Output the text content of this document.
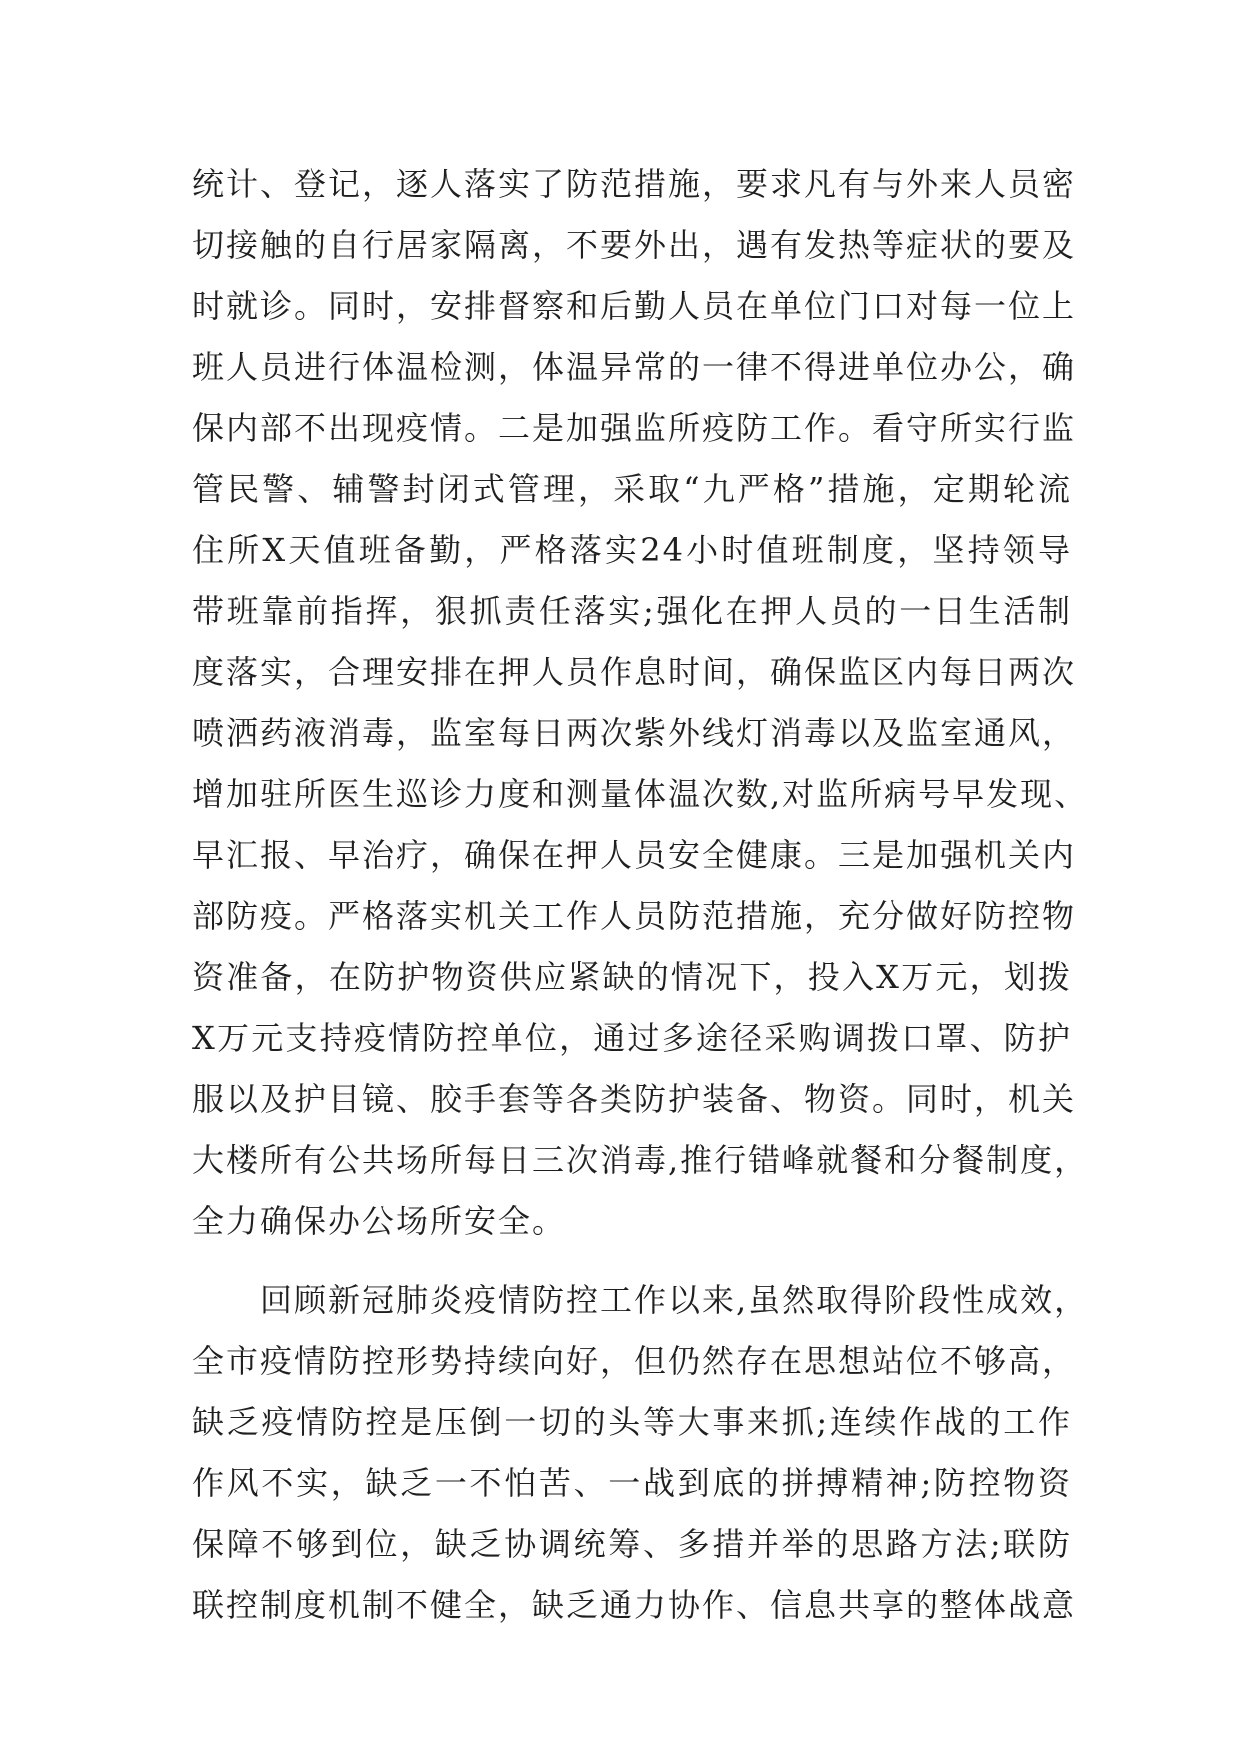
统计、登记，逐人落实了防范措施，要求凡有与外来人员密
切接触的自行居家隔离，不要外出，遇有发热等症状的要及
时就诊。同时，安排督察和后勤人员在单位门口对每一位上
班人员进行体温检测，体温异常的一律不得进单位办公，确
保内部不出现疫情。二是加强监所疫防工作。看守所实行监
管民警、辅警封闭式管理，采取“九严格”措施，定期轮流
住所X天值班备勤，严格落实24小时值班制度，坚持领导
带班靠前指挥，狠抓责任落实;强化在押人员的一日生活制
度落实，合理安排在押人员作息时间，确保监区内每日两次
喷洒药液消毒，监室每日两次紫外线灯消毒以及监室通风，
增加驻所医生巡诊力度和测量体温次数,对监所病号早发现、
早汇报、早治疗，确保在押人员安全健康。三是加强机关内
部防疫。严格落实机关工作人员防范措施，充分做好防控物
资准备，在防护物资供应紧缺的情况下，投入X万元，划拨
X万元支持疫情防控单位，通过多途径采购调拨口罩、防护
服以及护目镜、胶手套等各类防护装备、物资。同时，机关
大楼所有公共场所每日三次消毒,推行错峰就餐和分餐制度，
全力确保办公场所安全。
　　回顾新冠肺炎疫情防控工作以来,虽然取得阶段性成效，
全市疫情防控形势持续向好，但仍然存在思想站位不够高，
缺乏疫情防控是压倒一切的头等大事来抓;连续作战的工作
作风不实，缺乏一不怕苦、一战到底的拼搏精神;防控物资
保障不够到位，缺乏协调统筹、多措并举的思路方法;联防
联控制度机制不健全，缺乏通力协作、信息共享的整体战意
